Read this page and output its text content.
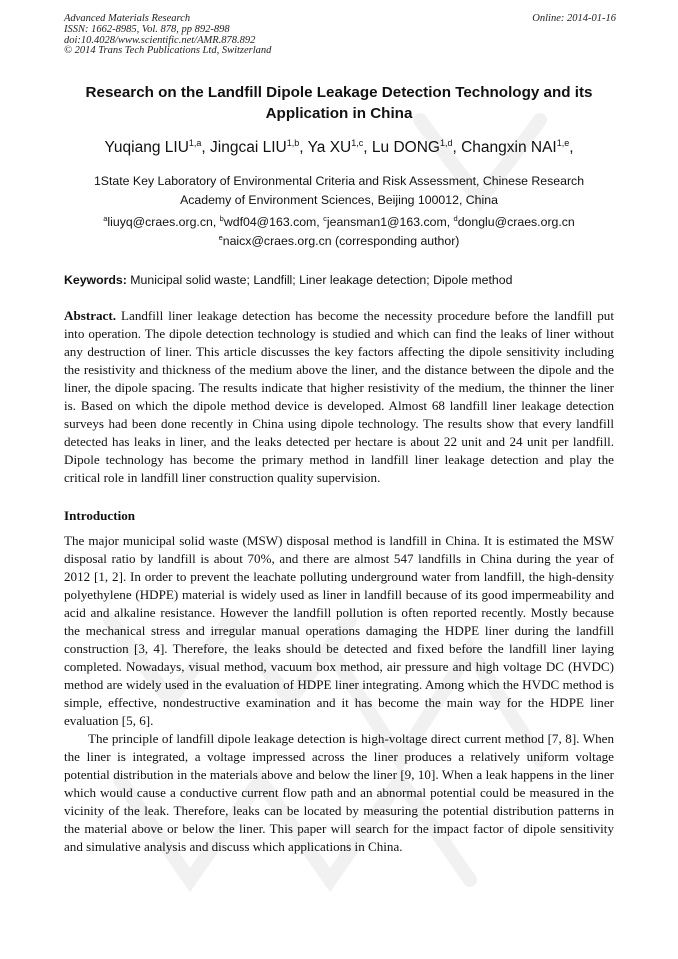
Advanced Materials Research
ISSN: 1662-8985, Vol. 878, pp 892-898
doi:10.4028/www.scientific.net/AMR.878.892
© 2014 Trans Tech Publications Ltd, Switzerland
Online: 2014-01-16
Research on the Landfill Dipole Leakage Detection Technology and its
Application in China
Yuqiang LIU$^{1,a}$, Jingcai LIU$^{1,b}$, Ya XU$^{1,c}$, Lu DONG$^{1,d}$, Changxin NAI$^{1,e}$,
1State Key Laboratory of Environmental Criteria and Risk Assessment, Chinese Research
Academy of Environment Sciences, Beijing 100012, China
$^a$liuyq@craes.org.cn, $^b$wdf04@163.com, $^c$jeansman1@163.com, $^d$donglu@craes.org.cn
$^e$naicx@craes.org.cn (corresponding author)
Keywords: Municipal solid waste; Landfill; Liner leakage detection; Dipole method
Abstract. Landfill liner leakage detection has become the necessity procedure before the landfill put into operation. The dipole detection technology is studied and which can find the leaks of liner without any destruction of liner. This article discusses the key factors affecting the dipole sensitivity including the resistivity and thickness of the medium above the liner, and the distance between the dipole and the liner, the dipole spacing. The results indicate that higher resistivity of the medium, the thinner the liner is. Based on which the dipole method device is developed. Almost 68 landfill liner leakage detection surveys had been done recently in China using dipole technology. The results show that every landfill detected has leaks in liner, and the leaks detected per hectare is about 22 unit and 24 unit per landfill. Dipole technology has become the primary method in landfill liner leakage detection and play the critical role in landfill liner construction quality supervision.
Introduction

The major municipal solid waste (MSW) disposal method is landfill in China. It is estimated the MSW disposal ratio by landfill is about 70%, and there are almost 547 landfills in China during the year of 2012 [1, 2]. In order to prevent the leachate polluting underground water from landfill, the high-density polyethylene (HDPE) material is widely used as liner in landfill because of its good impermeability and acid and alkaline resistance. However the landfill pollution is often reported recently. Mostly because the mechanical stress and irregular manual operations damaging the HDPE liner during the landfill construction [3, 4]. Therefore, the leaks should be detected and fixed before the landfill liner laying completed. Nowadays, visual method, vacuum box method, air pressure and high voltage DC (HVDC) method are widely used in the evaluation of HDPE liner integrating. Among which the HVDC method is simple, effective, nondestructive examination and it has become the main way for the HDPE liner evaluation [5, 6].

The principle of landfill dipole leakage detection is high-voltage direct current method [7, 8]. When the liner is integrated, a voltage impressed across the liner produces a relatively uniform voltage potential distribution in the materials above and below the liner [9, 10]. When a leak happens in the liner which would cause a conductive current flow path and an abnormal potential could be measured in the vicinity of the leak. Therefore, leaks can be located by measuring the potential distribution patterns in the material above or below the liner. This paper will search for the impact factor of dipole sensitivity and simulative analysis and discuss which applications in China.
